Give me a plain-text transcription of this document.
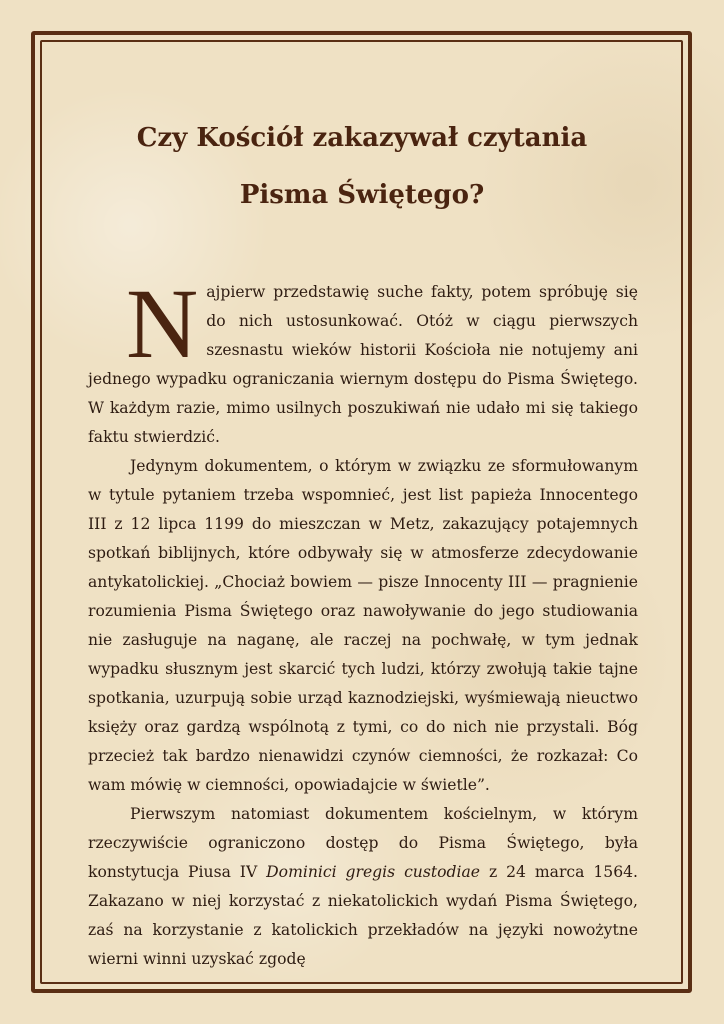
Czy Kościół zakazywał czytania
Pisma Świętego?

Najpierw przedstawię suche fakty, potem spróbuję się do nich ustosunkować. Otóż w ciągu pierwszych szesnastu wieków historii Kościoła nie notujemy ani jednego wypadku ograniczania wiernym dostępu do Pisma Świętego. W każdym razie, mimo usilnych poszukiwań nie udało mi się takiego faktu stwierdzić.

Jedynym dokumentem, o którym w związku ze sformułowanym w tytule pytaniem trzeba wspomnieć, jest list papieża Innocentego III z 12 lipca 1199 do mieszczan w Metz, zakazujący potajemnych spotkań biblijnych, które odbywały się w atmosferze zdecydowanie antykatolickiej. „Chociaż bowiem — pisze Innocenty III — pragnienie rozumienia Pisma Świętego oraz nawoływanie do jego studiowania nie zasługuje na naganę, ale raczej na pochwałę, w tym jednak wypadku słusznym jest skarcić tych ludzi, którzy zwołują takie tajne spotkania, uzurpują sobie urząd kaznodziejski, wyśmiewają nieuctwo księży oraz gardzą wspólnotą z tymi, co do nich nie przystali. Bóg przecież tak bardzo nienawidzi czynów ciemności, że rozkazał: Co wam mówię w ciemności, opowiadajcie w świetle”.

Pierwszym natomiast dokumentem kościelnym, w którym rzeczywiście ograniczono dostęp do Pisma Świętego, była konstytucja Piusa IV Dominici gregis custodiae z 24 marca 1564. Zakazano w niej korzystać z niekatolickich wydań Pisma Świętego, zaś na korzystanie z katolickich przekładów na języki nowożytne wierni winni uzyskać zgodę
